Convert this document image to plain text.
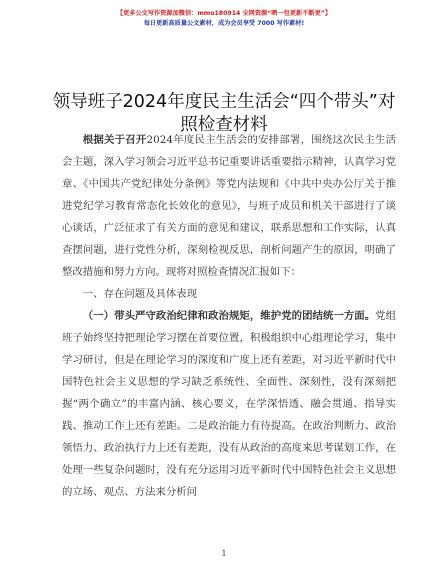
【更多公文写作资源加微信：mmo180914 全网资源“晒一包更新不断更”】
每日更新高质量公文素材，成为会员享受 7000 写作素材!
领导班子2024年度民主生活会“四个带头”对照检查材料

根据关于召开2024年度民主生活会的安排部署，围绕这次民主生活会主题，深入学习领会习近平总书记重要讲话重要指示精神，认真学习党章、《中国共产党纪律处分条例》等党内法规和《中共中央办公厅关于推进党纪学习教育常态化长效化的意见》，与班子成员和机关干部进行了谈心谈话，广泛征求了有关方面的意见和建议，联系思想和工作实际，认真查摆问题，进行党性分析，深刻检视反思，剖析问题产生的原因，明确了整改措施和努力方向。现将对照检查情况汇报如下：

一、存在问题及具体表现

（一）带头严守政治纪律和政治规矩，维护党的团结统一方面。党组班子始终坚持把理论学习摆在首要位置，积极组织中心组理论学习，集中学习研讨，但是在理论学习的深度和广度上还有差距，对习近平新时代中国特色社会主义思想的学习缺乏系统性、全面性、深刻性，没有深刻把握“两个确立”的丰富内涵、核心要义，在学深悟透、融会贯通、指导实践、推动工作上还有差距。二是政治能力有待提高。在政治判断力、政治领悟力、政治执行力上还有差距，没有从政治的高度来思考谋划工作，在处理一些复杂问题时，没有充分运用习近平新时代中国特色社会主义思想的立场、观点、方法来分析问

1
